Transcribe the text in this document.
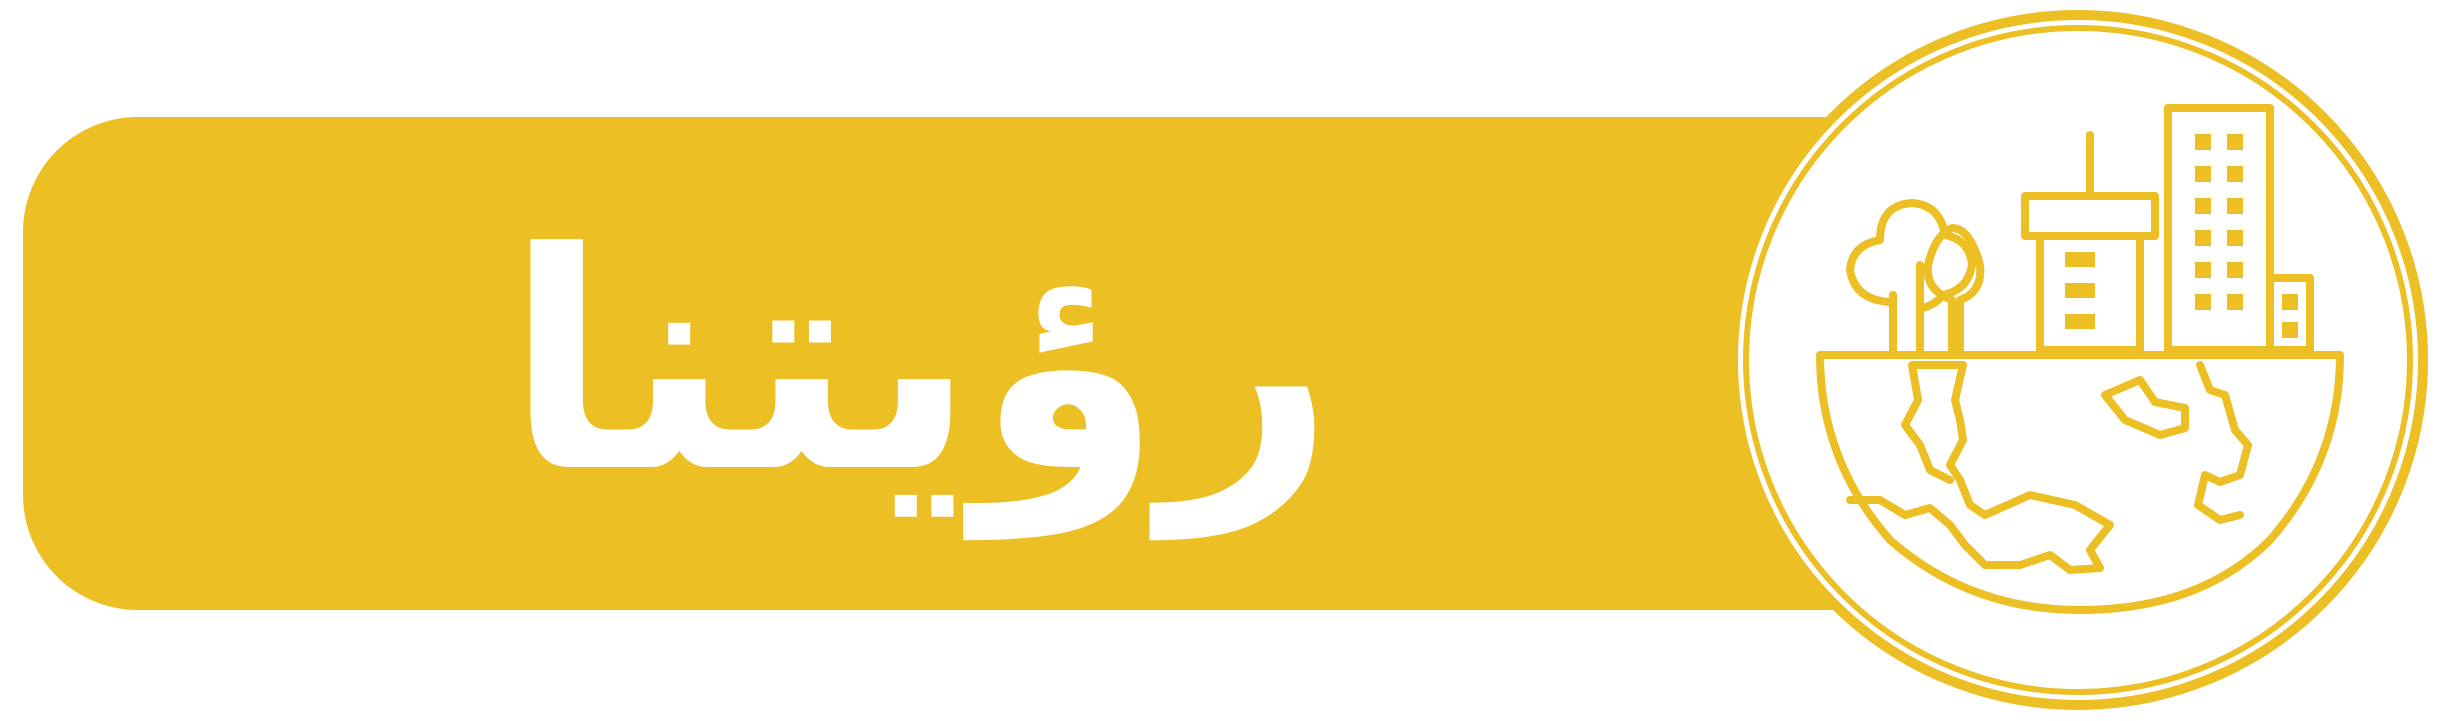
رؤيتنا
